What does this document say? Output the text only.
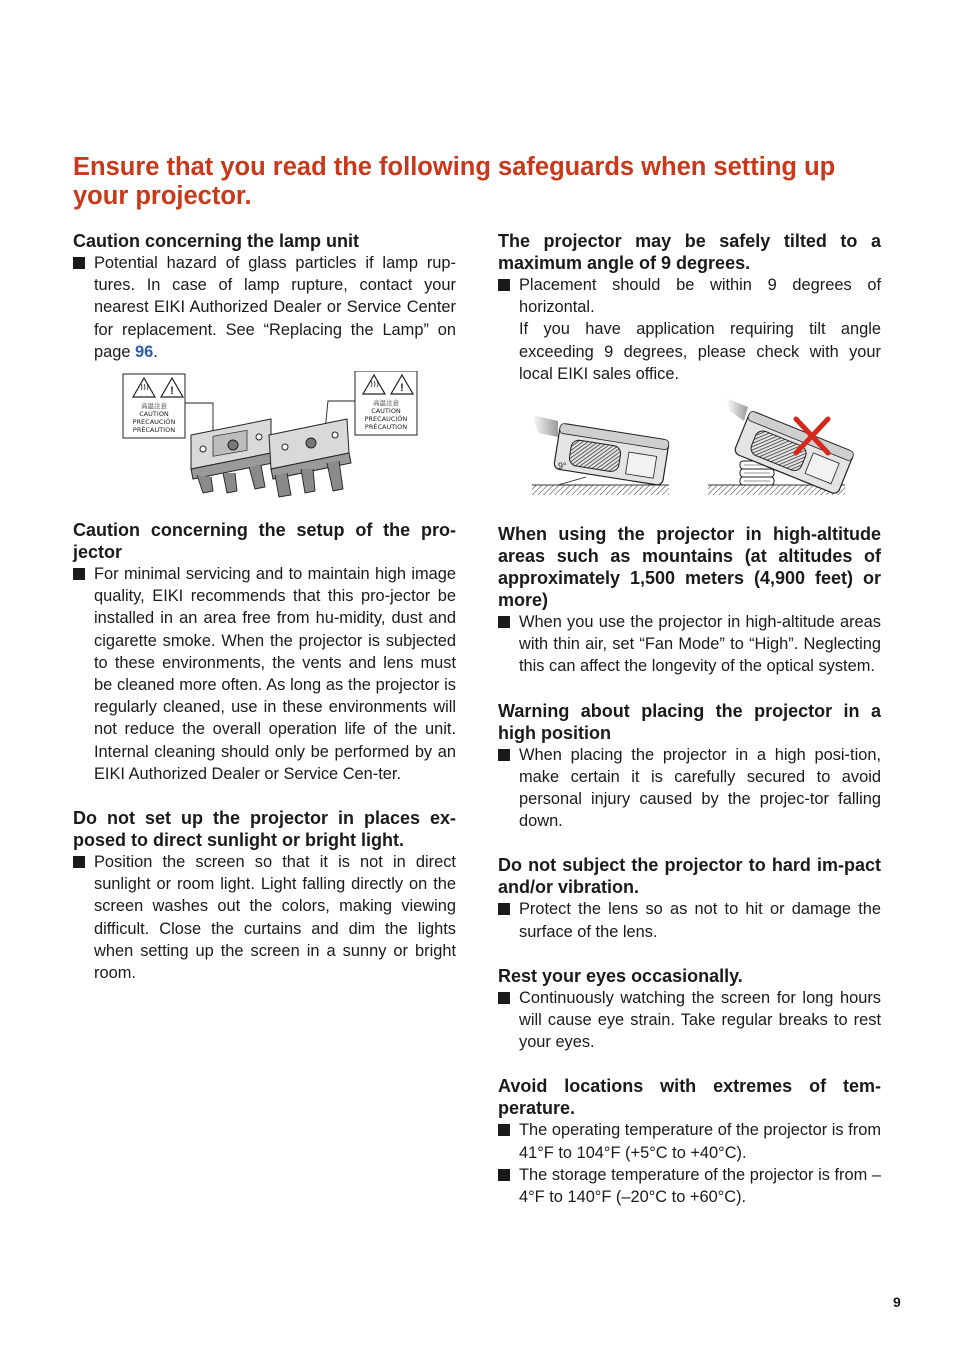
Ensure that you read the following safeguards when setting up your projector.

Caution concerning the lamp unit

Potential hazard of glass particles if lamp rup-tures. In case of lamp rupture, contact your nearest EIKI Authorized Dealer or Service Center for replacement. See “Replacing the Lamp” on page 96.

!
高温注意
CAUTION
PRECAUCIÓN
PRÉCAUTION
!
高温注意
CAUTION
PRECAUCIÓN
PRÉCAUTION

Caution concerning the setup of the pro-jector

For minimal servicing and to maintain high image quality, EIKI recommends that this pro-jector be installed in an area free from hu-midity, dust and cigarette smoke. When the projector is subjected to these environments, the vents and lens must be cleaned more often. As long as the projector is regularly cleaned, use in these environments will not reduce the overall operation life of the unit. Internal cleaning should only be performed by an EIKI Authorized Dealer or Service Cen-ter.

Do not set up the projector in places ex-posed to direct sunlight or bright light.

Position the screen so that it is not in direct sunlight or room light. Light falling directly on the screen washes out the colors, making viewing difficult. Close the curtains and dim the lights when setting up the screen in a sunny or bright room.

The projector may be safely tilted to a maximum angle of 9 degrees.

Placement should be within 9 degrees of horizontal.
If you have application requiring tilt angle exceeding 9 degrees, please check with your local EIKI sales office.

9°

When using the projector in high-altitude areas such as mountains (at altitudes of approximately 1,500 meters (4,900 feet) or more)

When you use the projector in high-altitude areas with thin air, set “Fan Mode” to “High”. Neglecting this can affect the longevity of the optical system.

Warning about placing the projector in a high position

When placing the projector in a high posi-tion, make certain it is carefully secured to avoid personal injury caused by the projec-tor falling down.

Do not subject the projector to hard im-pact and/or vibration.

Protect the lens so as not to hit or damage the surface of the lens.

Rest your eyes occasionally.

Continuously watching the screen for long hours will cause eye strain. Take regular breaks to rest your eyes.

Avoid locations with extremes of tem-perature.

The operating temperature of the projector is from 41°F to 104°F (+5°C to +40°C).

The storage temperature of the projector is from –4°F to 140°F (–20°C to +60°C).

9
